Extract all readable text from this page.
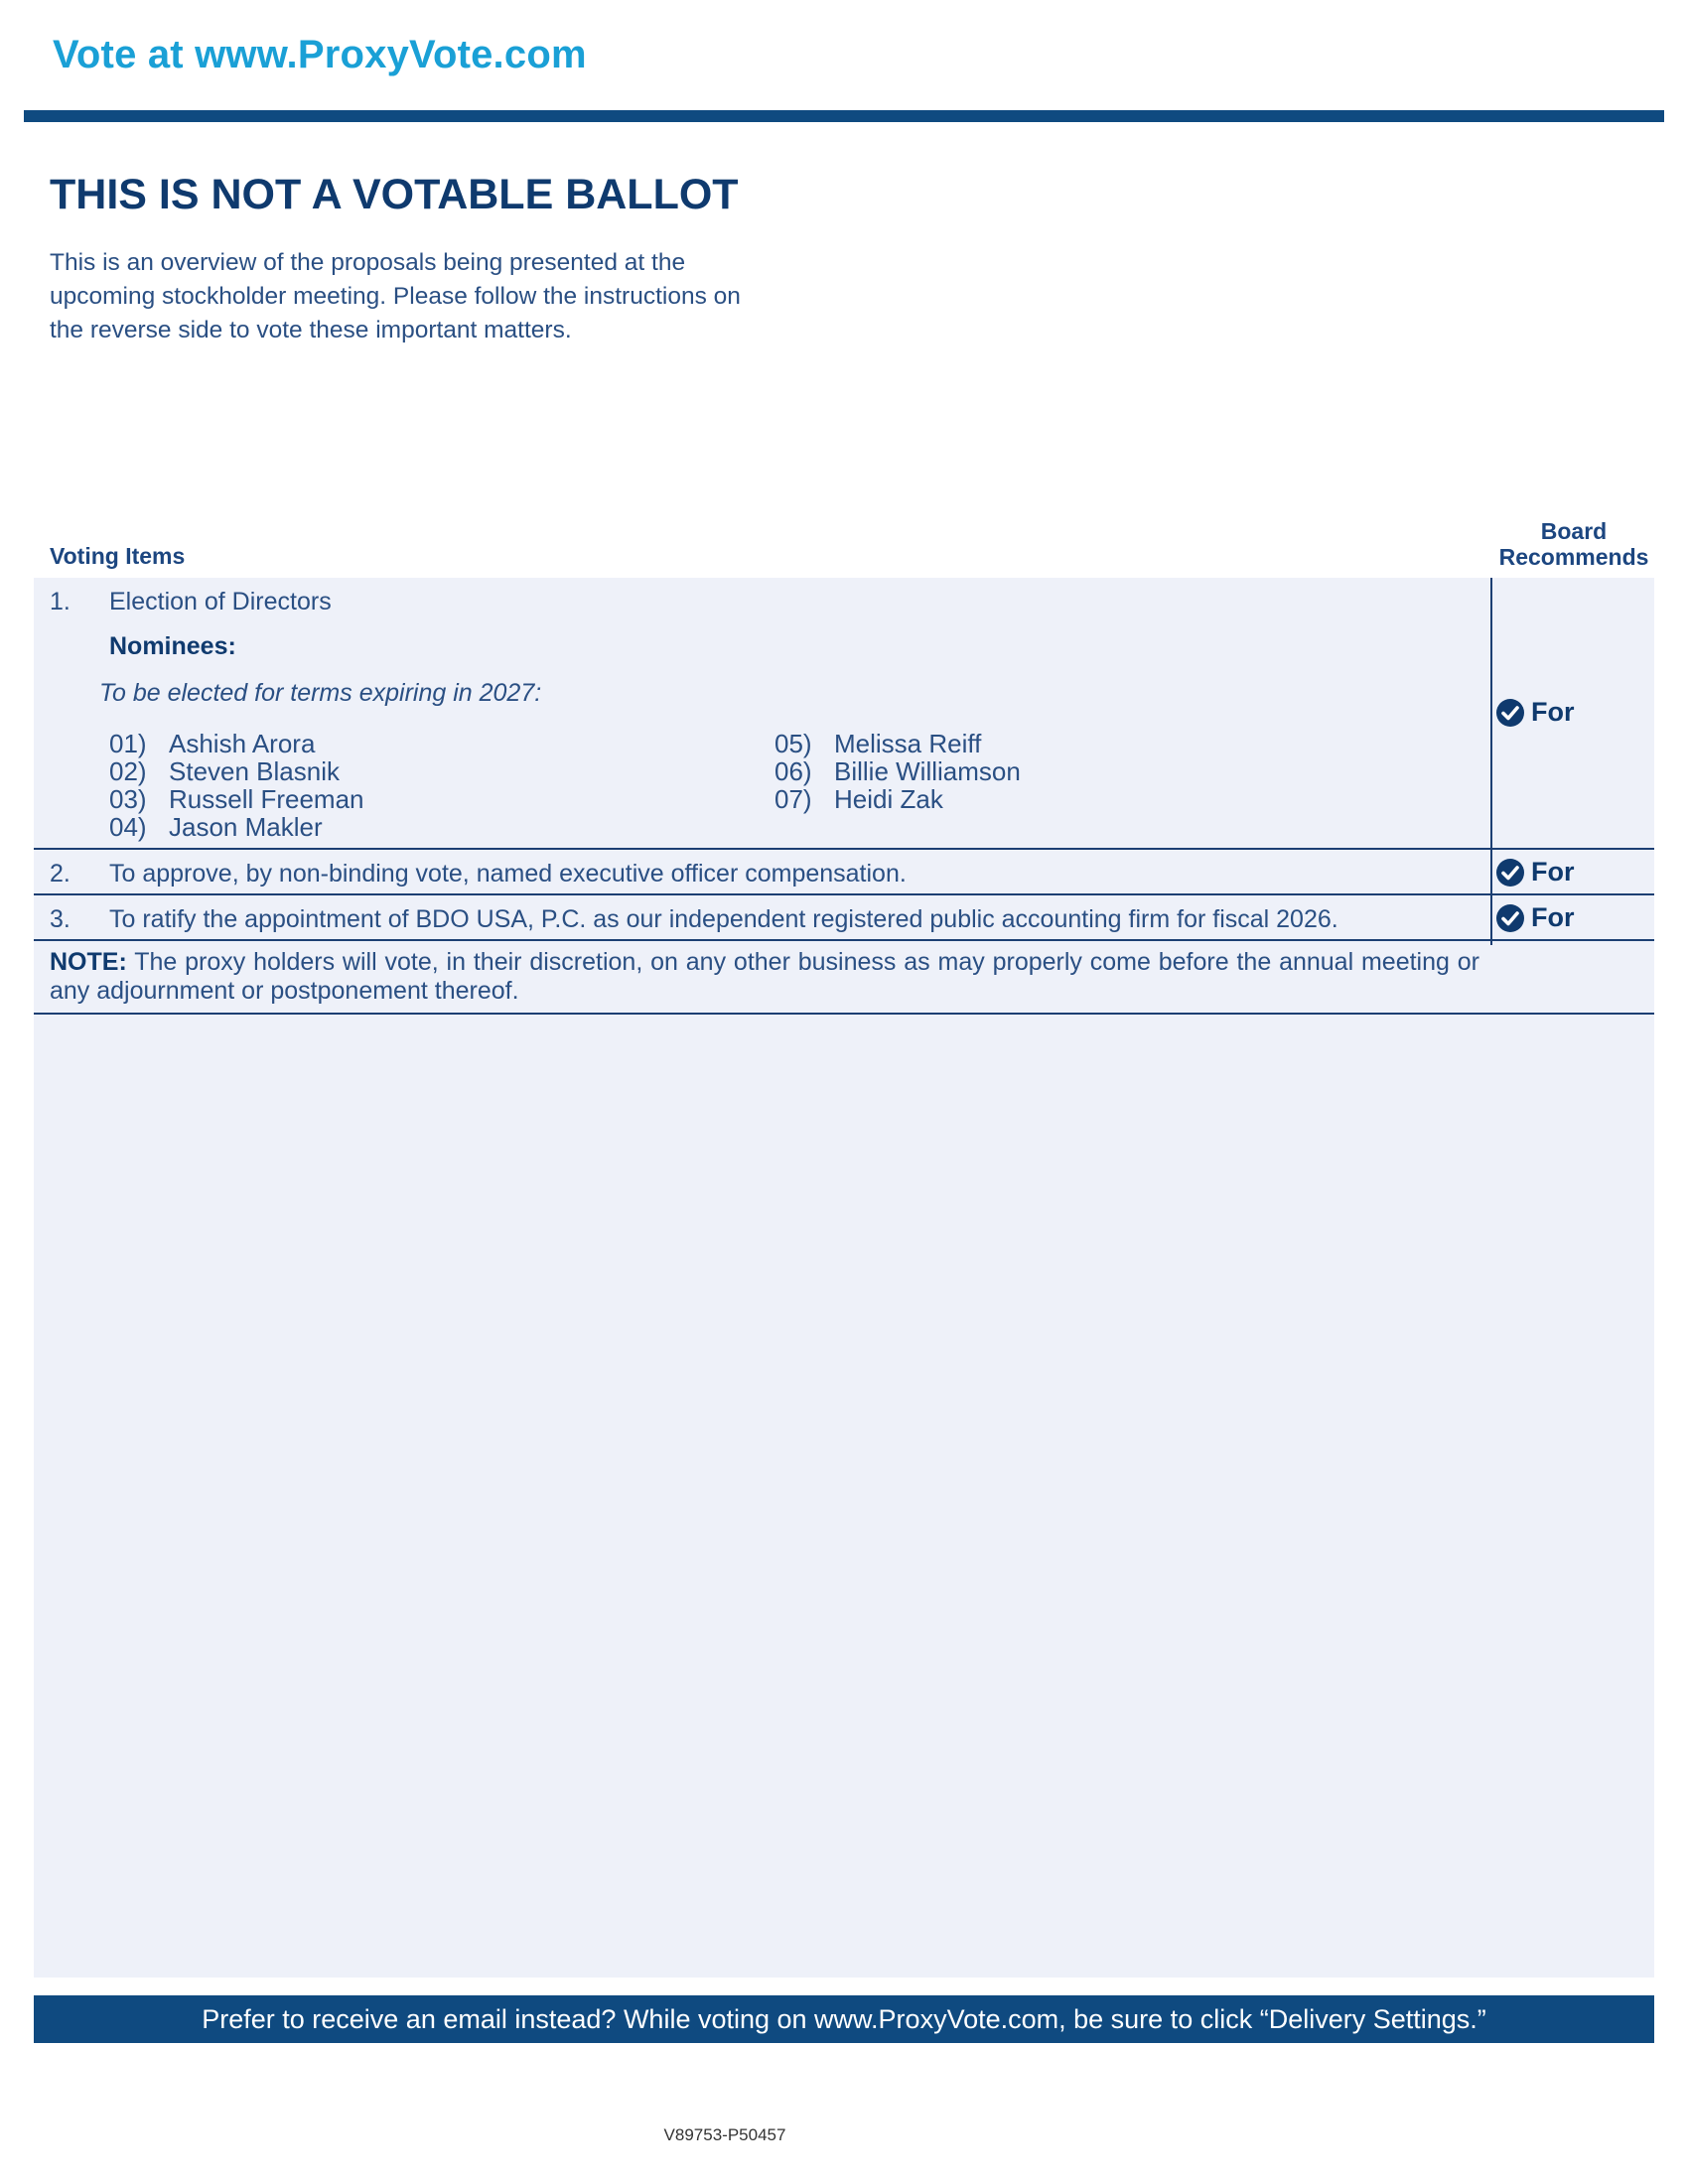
Vote at www.ProxyVote.com
THIS IS NOT A VOTABLE BALLOT
This is an overview of the proposals being presented at the
upcoming stockholder meeting. Please follow the instructions on
the reverse side to vote these important matters.
Voting Items
Board
Recommends
1. Election of Directors
Nominees:
To be elected for terms expiring in 2027:
01) Ashish Arora
02) Steven Blasnik
03) Russell Freeman
04) Jason Makler
05) Melissa Reiff
06) Billie Williamson
07) Heidi Zak
For
2. To approve, by non-binding vote, named executive officer compensation.	For
3. To ratify the appointment of BDO USA, P.C. as our independent registered public accounting firm for fiscal 2026.	For
NOTE: The proxy holders will vote, in their discretion, on any other business as may properly come before the annual meeting or any adjournment or postponement thereof.
Prefer to receive an email instead? While voting on www.ProxyVote.com, be sure to click “Delivery Settings.”
V89753-P50457
